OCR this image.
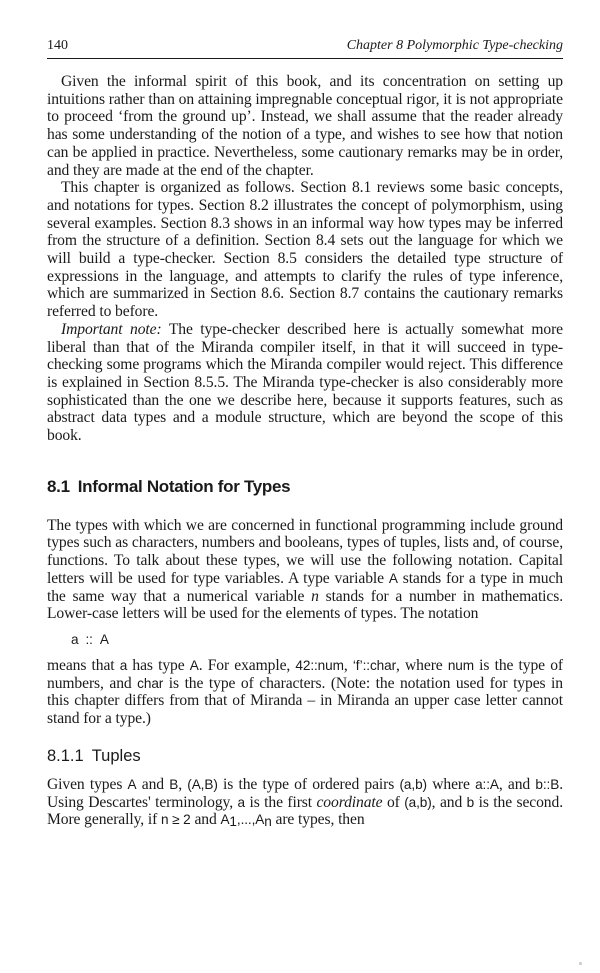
140	Chapter 8 Polymorphic Type-checking

Given the informal spirit of this book, and its concentration on setting up intuitions rather than on attaining impregnable conceptual rigor, it is not appropriate to proceed ‘from the ground up’. Instead, we shall assume that the reader already has some understanding of the notion of a type, and wishes to see how that notion can be applied in practice. Nevertheless, some cautionary remarks may be in order, and they are made at the end of the chapter.

This chapter is organized as follows. Section 8.1 reviews some basic concepts, and notations for types. Section 8.2 illustrates the concept of polymorphism, using several examples. Section 8.3 shows in an informal way how types may be inferred from the structure of a definition. Section 8.4 sets out the language for which we will build a type-checker. Section 8.5 considers the detailed type structure of expressions in the language, and attempts to clarify the rules of type inference, which are summarized in Section 8.6. Section 8.7 contains the cautionary remarks referred to before.

Important note: The type-checker described here is actually somewhat more liberal than that of the Miranda compiler itself, in that it will succeed in type-checking some programs which the Miranda compiler would reject. This difference is explained in Section 8.5.5. The Miranda type-checker is also considerably more sophisticated than the one we describe here, because it supports features, such as abstract data types and a module structure, which are beyond the scope of this book.

8.1 Informal Notation for Types

The types with which we are concerned in functional programming include ground types such as characters, numbers and booleans, types of tuples, lists and, of course, functions. To talk about these types, we will use the following notation. Capital letters will be used for type variables. A type variable A stands for a type in much the same way that a numerical variable n stands for a number in mathematics. Lower-case letters will be used for the elements of types. The notation

a :: A

means that a has type A. For example, 42::num, ‘f’::char, where num is the type of numbers, and char is the type of characters. (Note: the notation used for types in this chapter differs from that of Miranda – in Miranda an upper case letter cannot stand for a type.)

8.1.1 Tuples

Given types A and B, (A,B) is the type of ordered pairs (a,b) where a::A, and b::B. Using Descartes' terminology, a is the first coordinate of (a,b), and b is the second. More generally, if n ≥ 2 and $A_1,...,A_n$ are types, then
